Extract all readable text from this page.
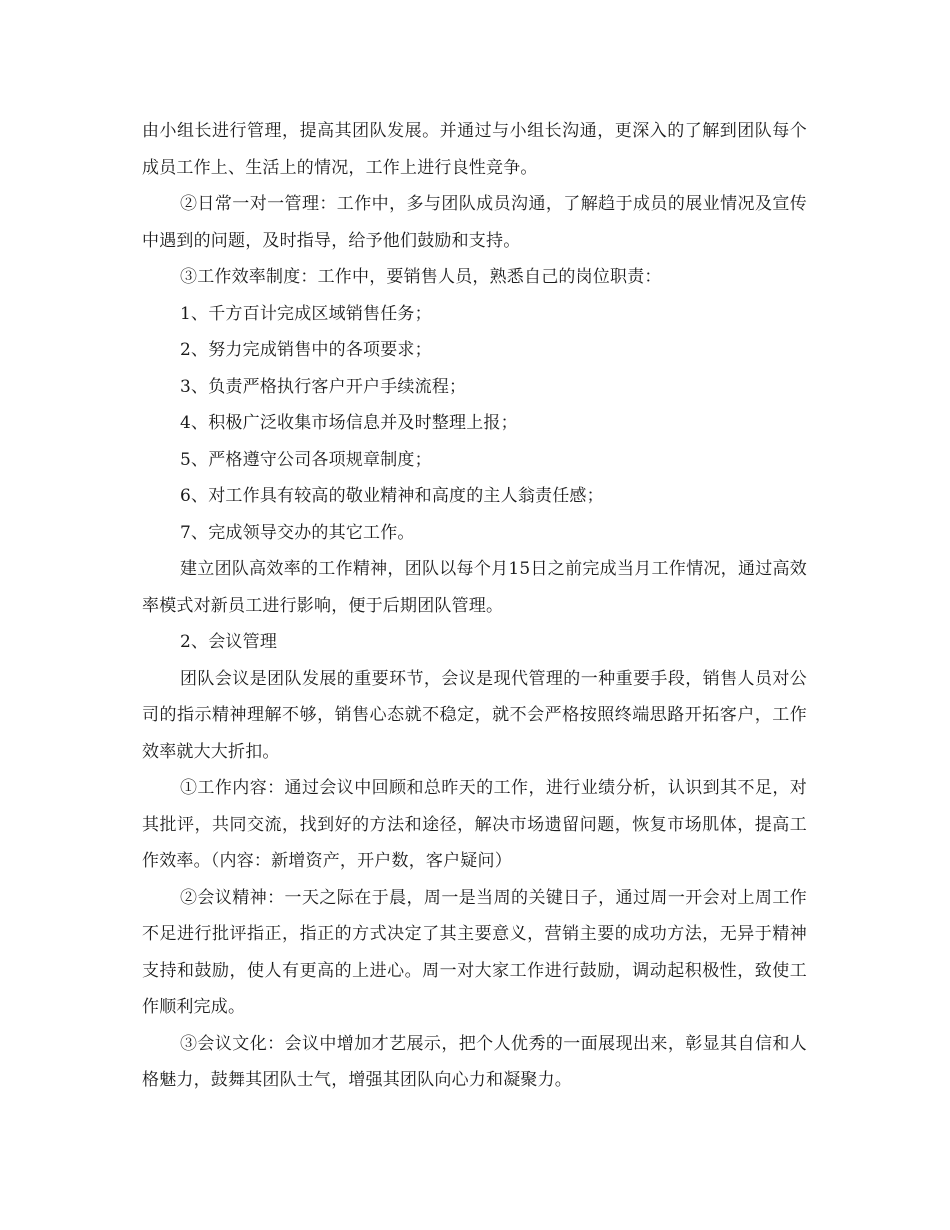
由小组长进行管理，提高其团队发展。并通过与小组长沟通，更深入的了解到团队每个成员工作上、生活上的情况，工作上进行良性竞争。

②日常一对一管理：工作中，多与团队成员沟通，了解趋于成员的展业情况及宣传中遇到的问题，及时指导，给予他们鼓励和支持。

③工作效率制度：工作中，要销售人员，熟悉自己的岗位职责：

1、千方百计完成区域销售任务；

2、努力完成销售中的各项要求；

3、负责严格执行客户开户手续流程；

4、积极广泛收集市场信息并及时整理上报；

5、严格遵守公司各项规章制度；

6、对工作具有较高的敬业精神和高度的主人翁责任感；

7、完成领导交办的其它工作。

建立团队高效率的工作精神，团队以每个月15日之前完成当月工作情况，通过高效率模式对新员工进行影响，便于后期团队管理。

2、会议管理

团队会议是团队发展的重要环节，会议是现代管理的一种重要手段，销售人员对公司的指示精神理解不够，销售心态就不稳定，就不会严格按照终端思路开拓客户，工作效率就大大折扣。

①工作内容：通过会议中回顾和总昨天的工作，进行业绩分析，认识到其不足，对其批评，共同交流，找到好的方法和途径，解决市场遗留问题，恢复市场肌体，提高工作效率。（内容：新增资产，开户数，客户疑问）

②会议精神：一天之际在于晨，周一是当周的关键日子，通过周一开会对上周工作不足进行批评指正，指正的方式决定了其主要意义，营销主要的成功方法，无异于精神支持和鼓励，使人有更高的上进心。周一对大家工作进行鼓励，调动起积极性，致使工作顺利完成。

③会议文化：会议中增加才艺展示，把个人优秀的一面展现出来，彰显其自信和人格魅力，鼓舞其团队士气，增强其团队向心力和凝聚力。
